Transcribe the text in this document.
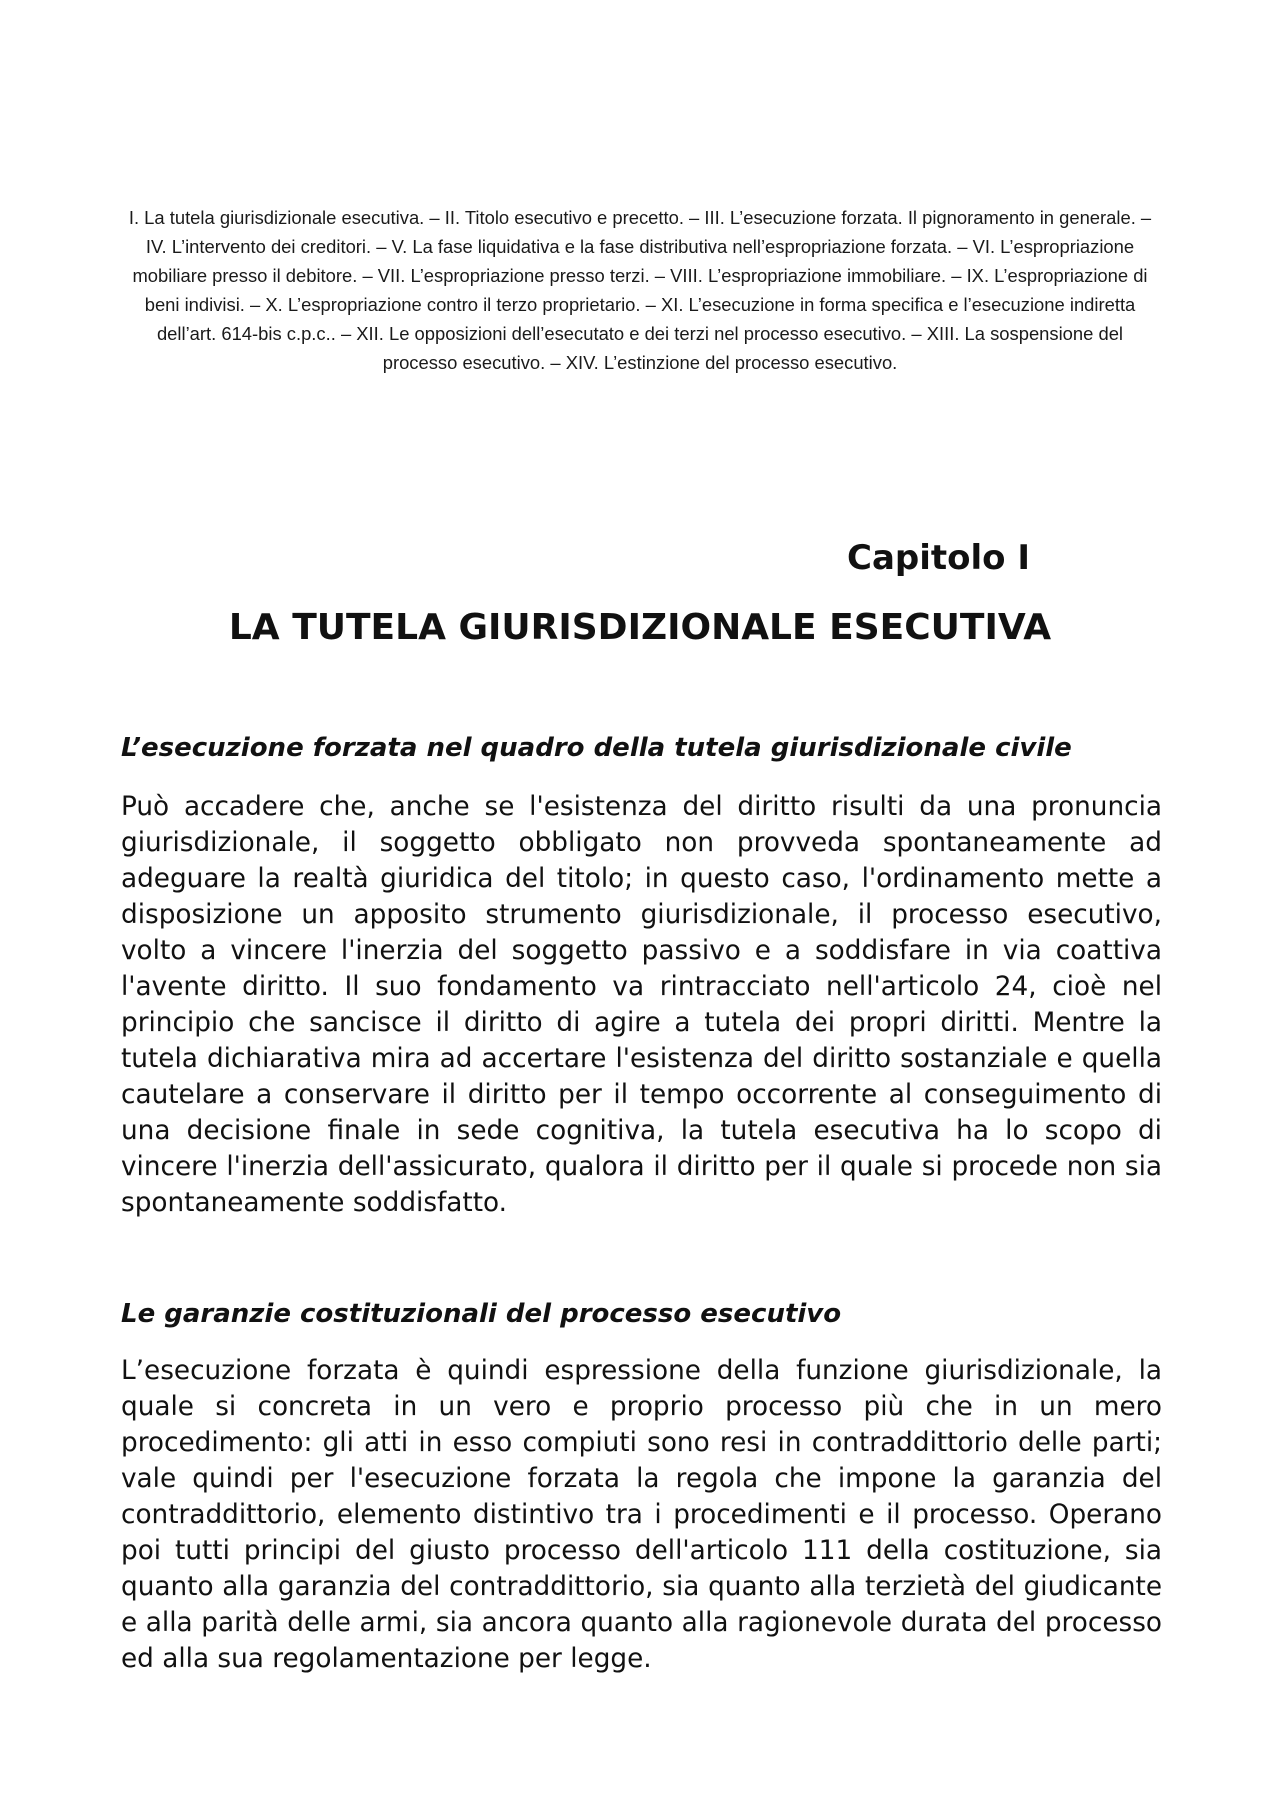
I. La tutela giurisdizionale esecutiva. – II. Titolo esecutivo e precetto. – III. L’esecuzione forzata. Il pignoramento in generale. – IV. L’intervento dei creditori. – V. La fase liquidativa e la fase distributiva nell’espropriazione forzata. – VI. L’espropriazione mobiliare presso il debitore. – VII. L’espropriazione presso terzi. – VIII. L’espropriazione immobiliare. – IX. L’espropriazione di beni indivisi. – X. L’espropriazione contro il terzo proprietario. – XI. L’esecuzione in forma specifica e l’esecuzione indiretta dell’art. 614-bis c.p.c.. – XII. Le opposizioni dell’esecutato e dei terzi nel processo esecutivo. – XIII. La sospensione del processo esecutivo. – XIV. L’estinzione del processo esecutivo.
Capitolo I
LA TUTELA GIURISDIZIONALE ESECUTIVA
L’esecuzione forzata nel quadro della tutela giurisdizionale civile
Può accadere che, anche se l'esistenza del diritto risulti da una pronuncia giurisdizionale, il soggetto obbligato non provveda spontaneamente ad adeguare la realtà giuridica del titolo; in questo caso, l'ordinamento mette a disposizione un apposito strumento giurisdizionale, il processo esecutivo, volto a vincere l'inerzia del soggetto passivo e a soddisfare in via coattiva l'avente diritto. Il suo fondamento va rintracciato nell'articolo 24, cioè nel principio che sancisce il diritto di agire a tutela dei propri diritti. Mentre la tutela dichiarativa mira ad accertare l'esistenza del diritto sostanziale e quella cautelare a conservare il diritto per il tempo occorrente al conseguimento di una decisione finale in sede cognitiva, la tutela esecutiva ha lo scopo di vincere l'inerzia dell'assicurato, qualora il diritto per il quale si procede non sia spontaneamente soddisfatto.
Le garanzie costituzionali del processo esecutivo
L’esecuzione forzata è quindi espressione della funzione giurisdizionale, la quale si concreta in un vero e proprio processo più che in un mero procedimento: gli atti in esso compiuti sono resi in contraddittorio delle parti; vale quindi per l'esecuzione forzata la regola che impone la garanzia del contraddittorio, elemento distintivo tra i procedimenti e il processo. Operano poi tutti principi del giusto processo dell'articolo 111 della costituzione, sia quanto alla garanzia del contraddittorio, sia quanto alla terzietà del giudicante e alla parità delle armi, sia ancora quanto alla ragionevole durata del processo ed alla sua regolamentazione per legge.
